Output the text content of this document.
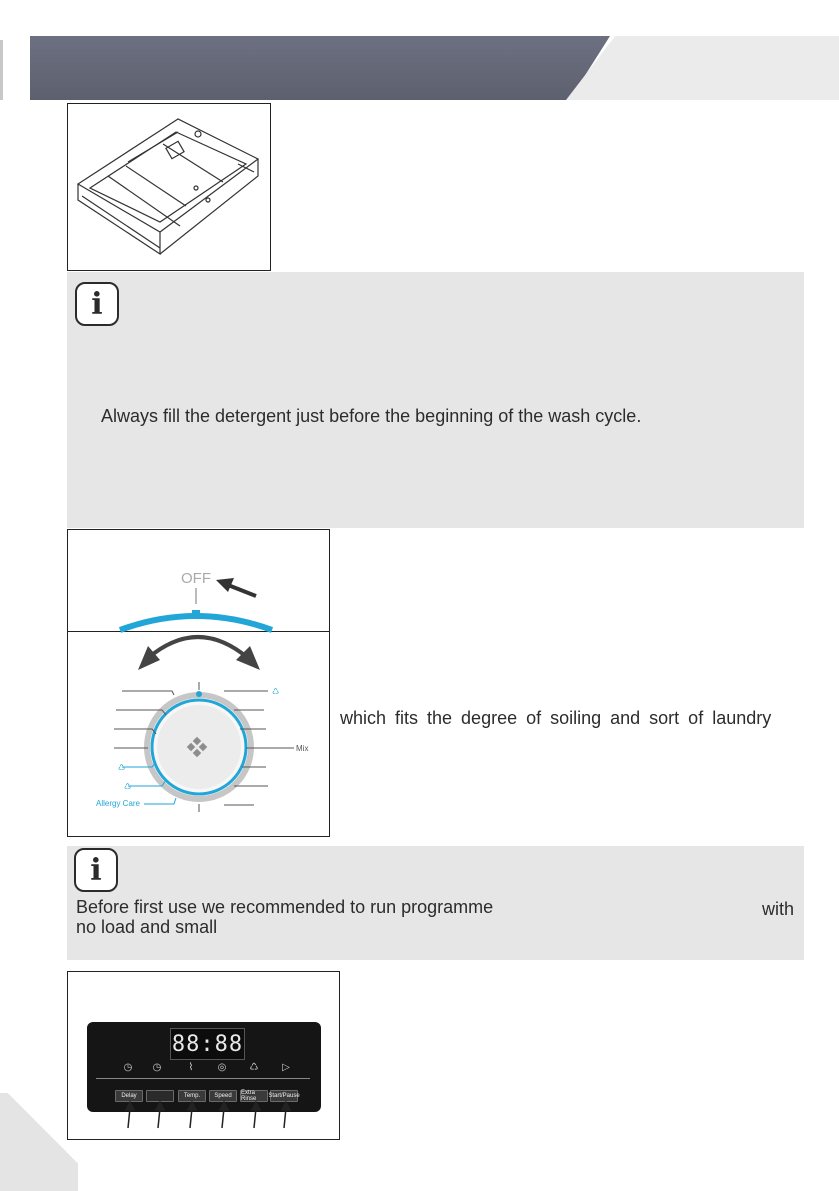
i
Always fill the detergent just before the beginning of the wash cycle.
OFF
♺
♺
♺
Mix
Allergy Care
which fits the degree of soiling and sort of laundry
i
Before first use we recommended to run programme	with
no load and small
88:88
◷ ◷	⌇	◎ ♺ ▷
Delay	Temp.	Speed	Extra Rinse	Start/Pause
